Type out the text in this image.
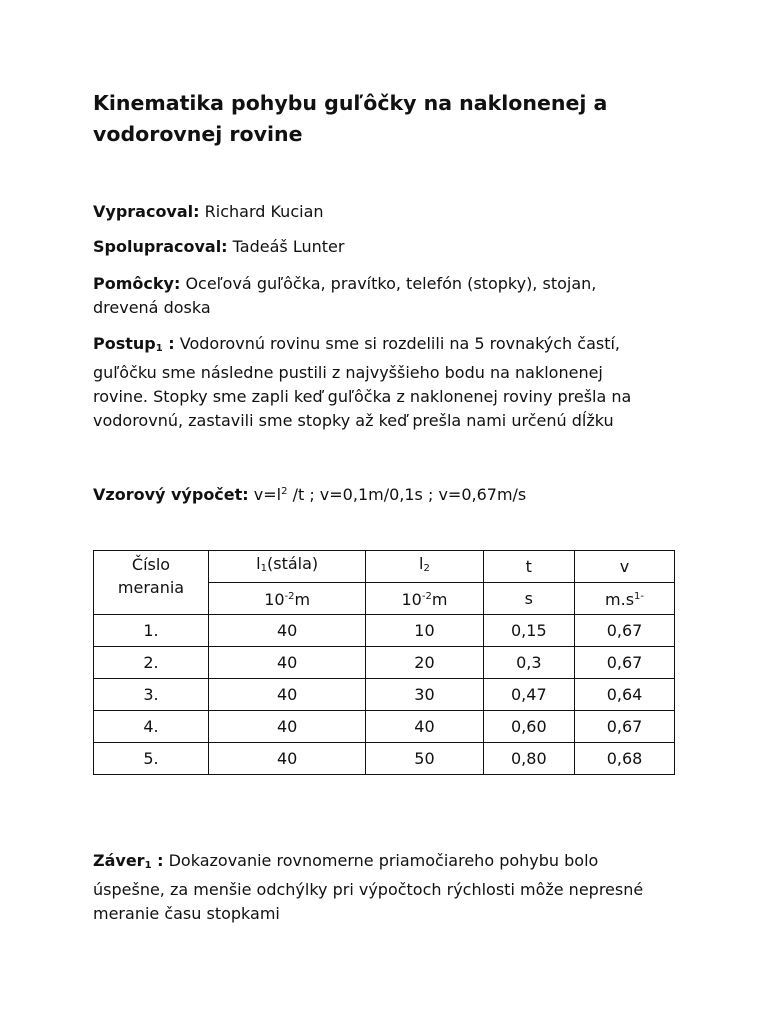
Kinematika pohybu guľôčky na naklonenej a
vodorovnej rovine

Vypracoval: Richard Kucian

Spolupracoval: Tadeáš Lunter

Pomôcky: Oceľová guľôčka, pravítko, telefón (stopky), stojan,
drevená doska

Postup$_1$ : Vodorovnú rovinu sme si rozdelili na 5 rovnakých častí,
guľôčku sme následne pustili z najvyššieho bodu na naklonenej
rovine. Stopky sme zapli keď guľôčka z naklonenej roviny prešla na
vodorovnú, zastavili sme stopky až keď prešla nami určenú dĺžku

Vzorový výpočet: $v=l^2$ /t ; v=0,1m/0,1s ; v=0,67m/s

Číslo
merania	$l_1(stála)$	$l_2$	t	v
	$10^{-2}m$	$10^{-2}m$	s	$m.s^{1-}$
1.	40	10	0,15	0,67
2.	40	20	0,3	0,67
3.	40	30	0,47	0,64
4.	40	40	0,60	0,67
5.	40	50	0,80	0,68

Záver$_1$ : Dokazovanie rovnomerne priamočiareho pohybu bolo
úspešne, za menšie odchýlky pri výpočtoch rýchlosti môže nepresné
meranie času stopkami
